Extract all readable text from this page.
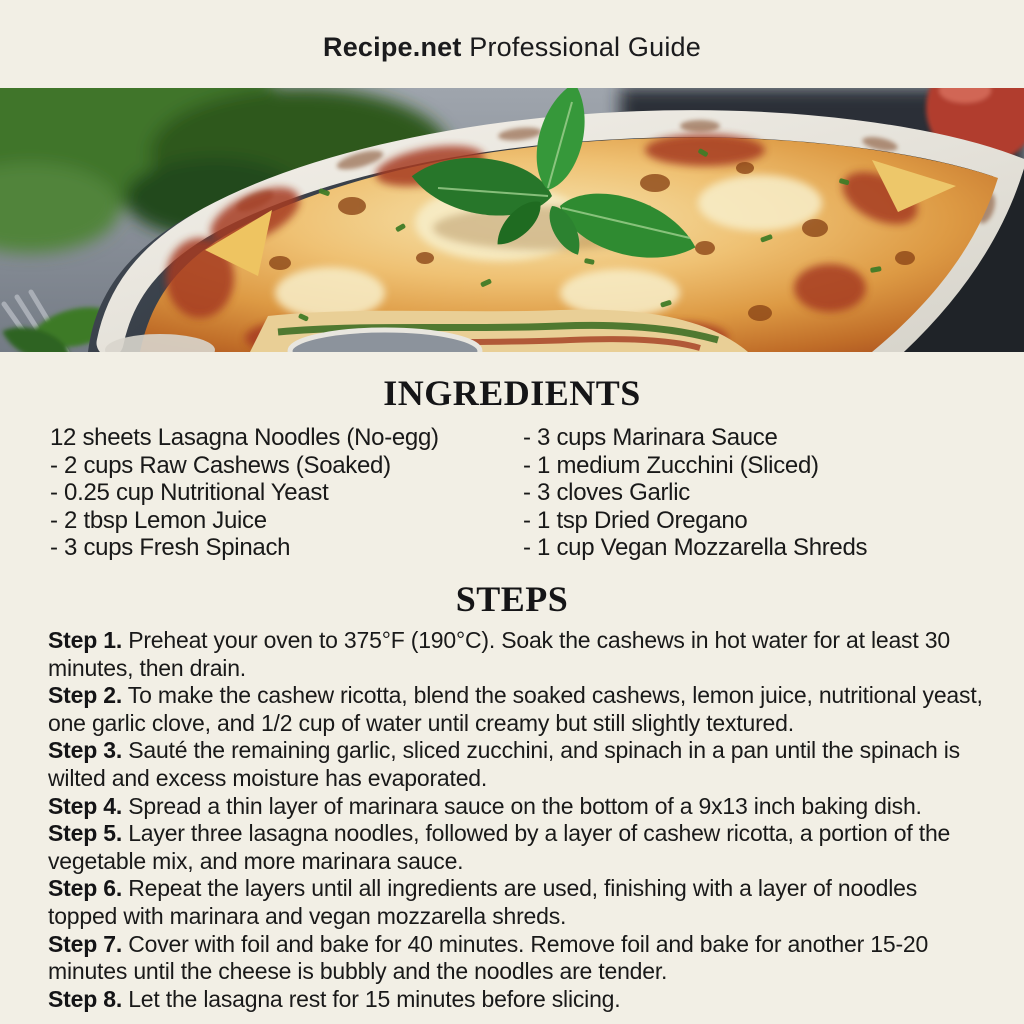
Recipe.net Professional Guide
INGREDIENTS
12 sheets Lasagna Noodles (No-egg)
- 2 cups Raw Cashews (Soaked)
- 0.25 cup Nutritional Yeast
- 2 tbsp Lemon Juice
- 3 cups Fresh Spinach
- 3 cups Marinara Sauce
- 1 medium Zucchini (Sliced)
- 3 cloves Garlic
- 1 tsp Dried Oregano
- 1 cup Vegan Mozzarella Shreds
STEPS
Step 1. Preheat your oven to 375°F (190°C). Soak the cashews in hot water for at least 30 minutes, then drain.
Step 2. To make the cashew ricotta, blend the soaked cashews, lemon juice, nutritional yeast, one garlic clove, and 1/2 cup of water until creamy but still slightly textured.
Step 3. Sauté the remaining garlic, sliced zucchini, and spinach in a pan until the spinach is wilted and excess moisture has evaporated.
Step 4. Spread a thin layer of marinara sauce on the bottom of a 9x13 inch baking dish.
Step 5. Layer three lasagna noodles, followed by a layer of cashew ricotta, a portion of the vegetable mix, and more marinara sauce.
Step 6. Repeat the layers until all ingredients are used, finishing with a layer of noodles topped with marinara and vegan mozzarella shreds.
Step 7. Cover with foil and bake for 40 minutes. Remove foil and bake for another 15-20 minutes until the cheese is bubbly and the noodles are tender.
Step 8. Let the lasagna rest for 15 minutes before slicing.
